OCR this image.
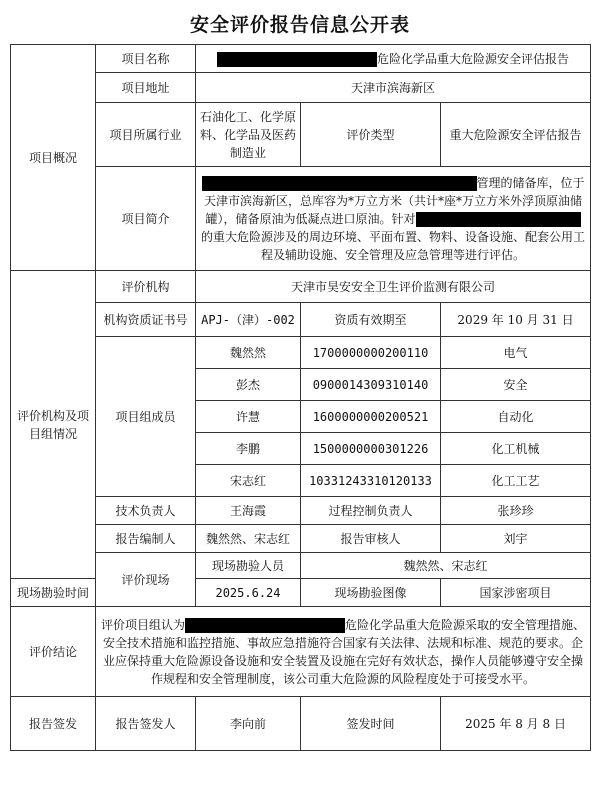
安全评价报告信息公开表
项目概况	项目名称	危险化学品重大危险源安全评估报告		
	项目地址	天津市滨海新区		
	项目所属行业	石油化工、化学原料、化学品及医药制造业	评价类型	重大危险源安全评估报告
	项目简介	管理的储备库，位于天津市滨海新区，总库容为*万立方米（共计*座*万立方米外浮顶原油储罐），储备原油为低凝点进口原油。针对的重大危险源涉及的周边环境、平面布置、物料、设备设施、配套公用工程及辅助设施、安全管理及应急管理等进行评估。		
评价机构及项目组情况	评价机构	天津市昊安安全卫生评价监测有限公司		
	机构资质证书号	APJ-（津）-002	资质有效期至	2029 年 10 月 31 日
	项目组成员	魏然然	1700000000200110	电气
		彭杰	0900014309310140	安全
		许慧	1600000000200521	自动化
		李鹏	1500000000301226	化工机械
		宋志红	10331243310120133	化工工艺
	技术负责人	王海霞	过程控制负责人	张珍珍
	报告编制人	魏然然、宋志红	报告审核人	刘宇
	评价现场	现场勘验人员	魏然然、宋志红	
现场勘验时间		2025.6.24	现场勘验图像	国家涉密项目
评价结论	评价项目组认为 危险化学品重大危险源采取的安全管理措施、安全技术措施和监控措施、事故应急措施符合国家有关法律、法规和标准、规范的要求。企业应保持重大危险源设备设施和安全装置及设施在完好有效状态，操作人员能够遵守安全操作规程和安全管理制度，该公司重大危险源的风险程度处于可接受水平。			
报告签发	报告签发人	李向前	签发时间	2025 年 8 月 8 日
